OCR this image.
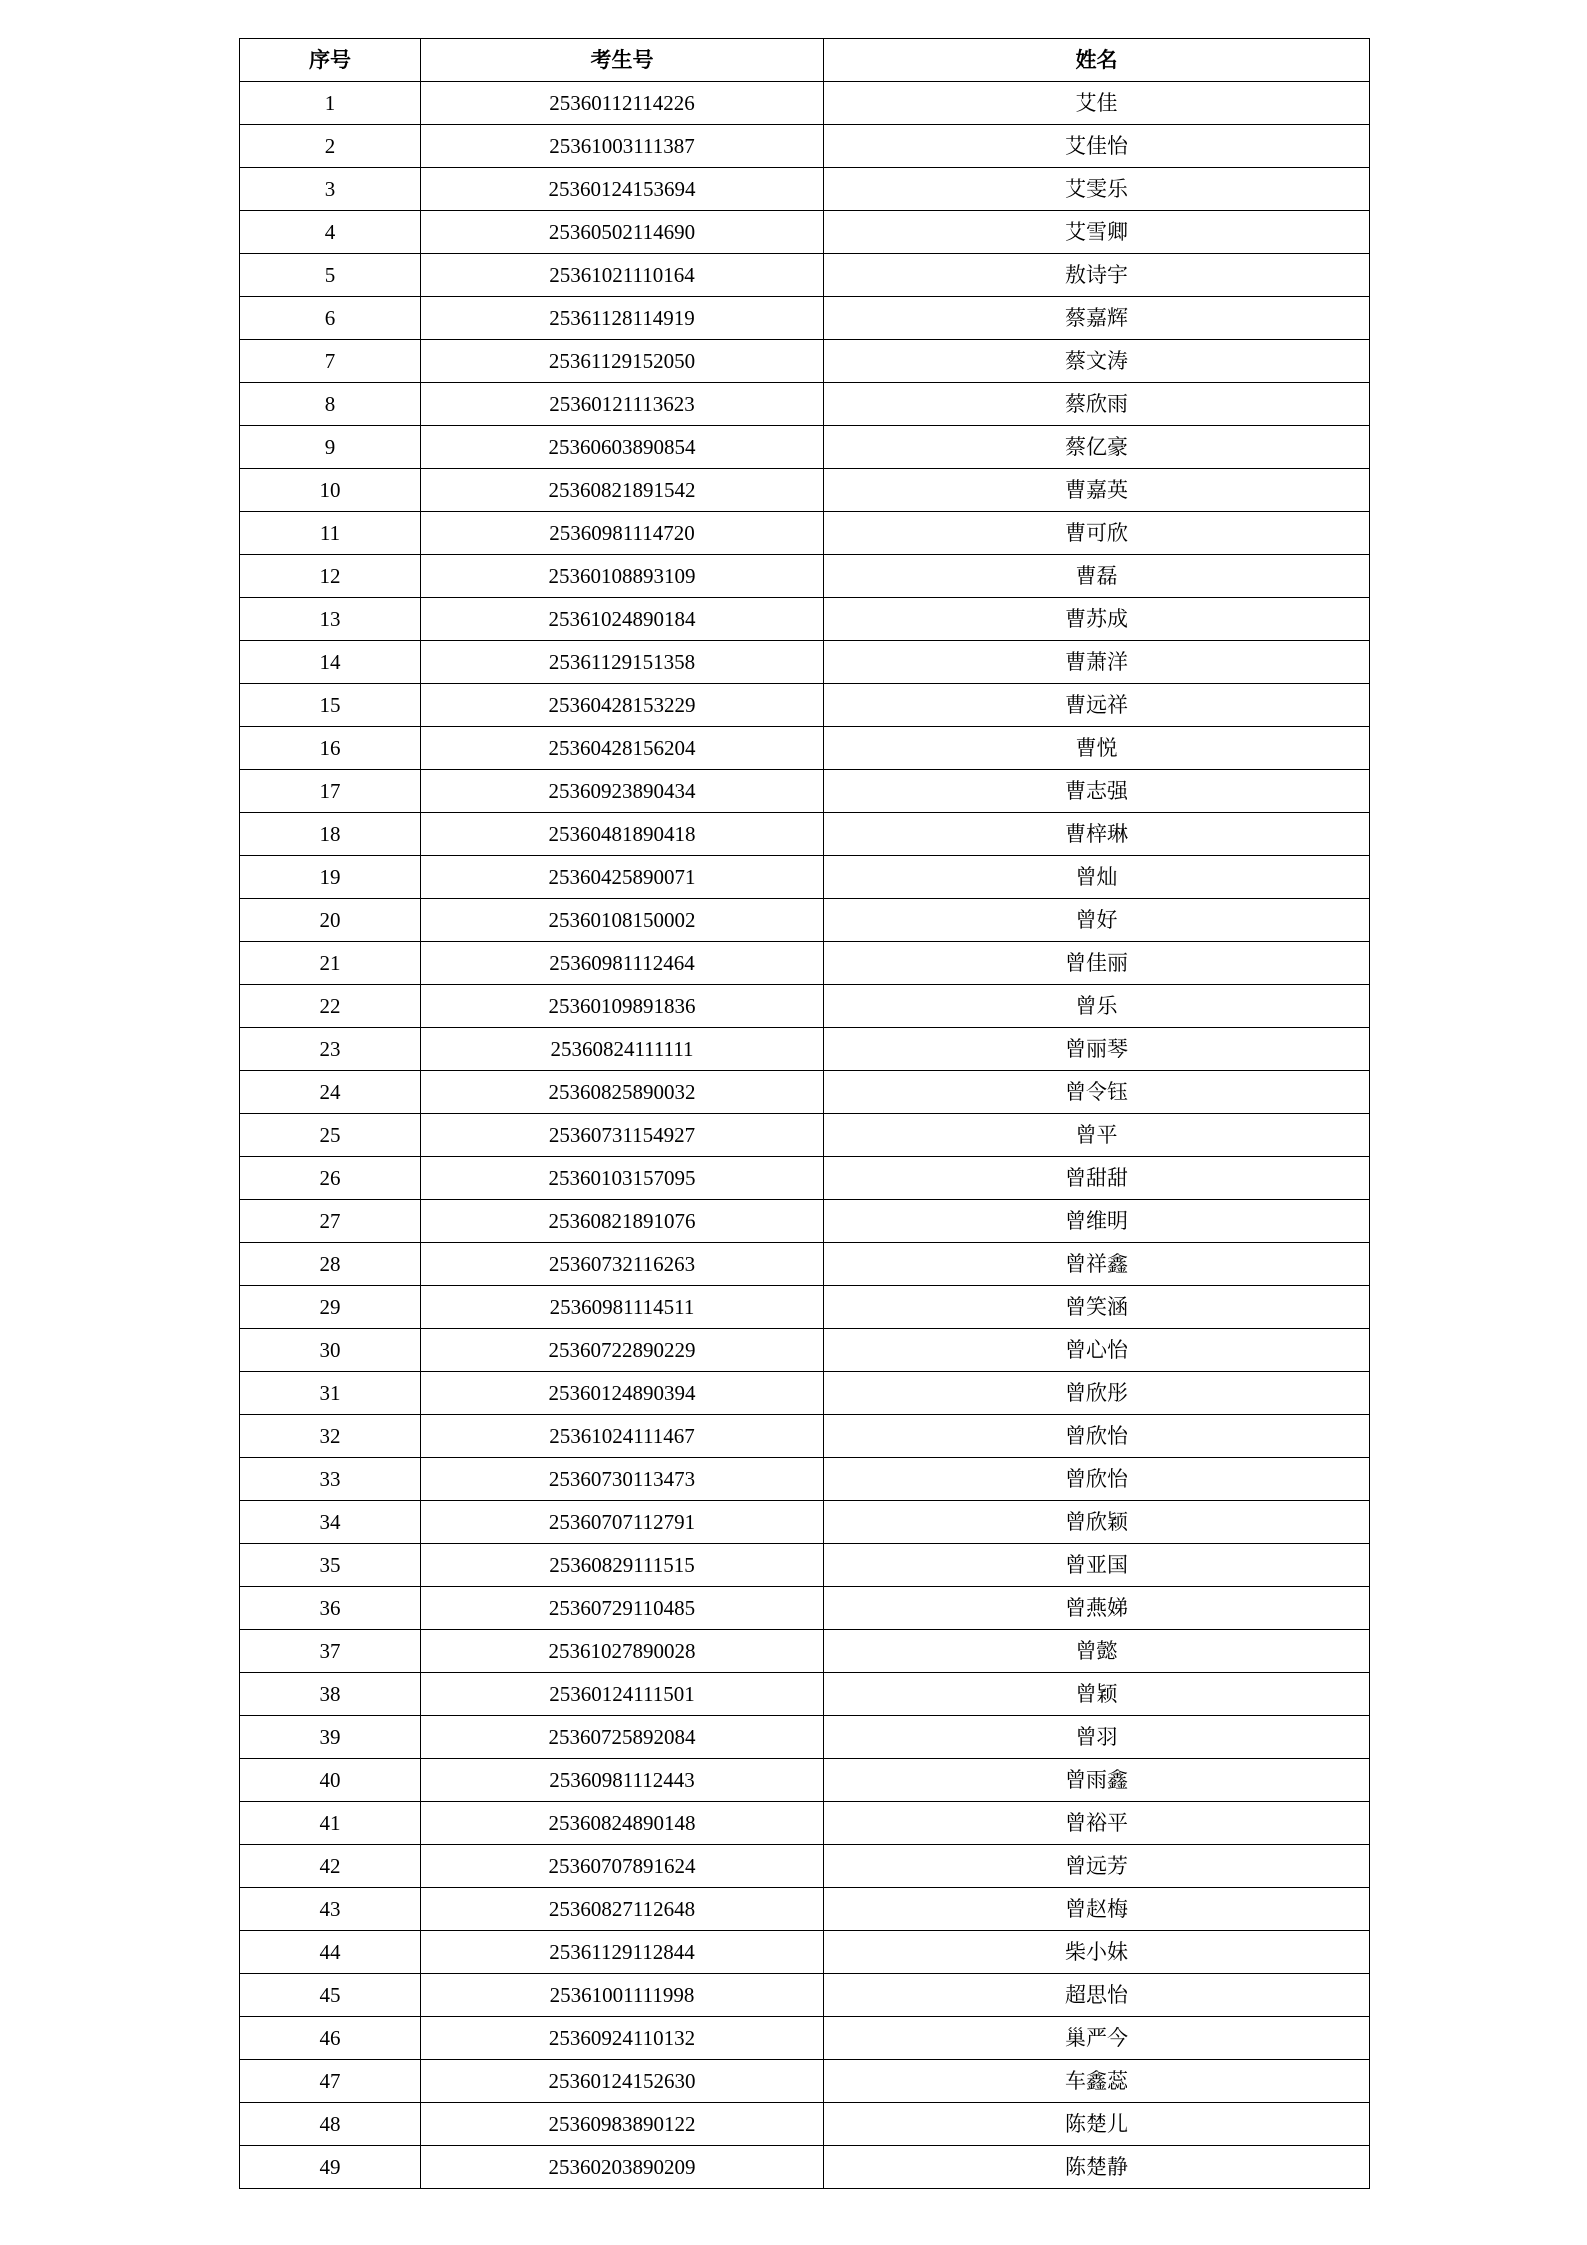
序号	考生号	姓名
1	25360112114226	艾佳
2	25361003111387	艾佳怡
3	25360124153694	艾雯乐
4	25360502114690	艾雪卿
5	25361021110164	敖诗宇
6	25361128114919	蔡嘉辉
7	25361129152050	蔡文涛
8	25360121113623	蔡欣雨
9	25360603890854	蔡亿豪
10	25360821891542	曹嘉英
11	25360981114720	曹可欣
12	25360108893109	曹磊
13	25361024890184	曹苏成
14	25361129151358	曹萧洋
15	25360428153229	曹远祥
16	25360428156204	曹悦
17	25360923890434	曹志强
18	25360481890418	曹梓琳
19	25360425890071	曾灿
20	25360108150002	曾好
21	25360981112464	曾佳丽
22	25360109891836	曾乐
23	25360824111111	曾丽琴
24	25360825890032	曾令钰
25	25360731154927	曾平
26	25360103157095	曾甜甜
27	25360821891076	曾维明
28	25360732116263	曾祥鑫
29	25360981114511	曾笑涵
30	25360722890229	曾心怡
31	25360124890394	曾欣彤
32	25361024111467	曾欣怡
33	25360730113473	曾欣怡
34	25360707112791	曾欣颖
35	25360829111515	曾亚国
36	25360729110485	曾燕娣
37	25361027890028	曾懿
38	25360124111501	曾颖
39	25360725892084	曾羽
40	25360981112443	曾雨鑫
41	25360824890148	曾裕平
42	25360707891624	曾远芳
43	25360827112648	曾赵梅
44	25361129112844	柴小妹
45	25361001111998	超思怡
46	25360924110132	巢严今
47	25360124152630	车鑫蕊
48	25360983890122	陈楚儿
49	25360203890209	陈楚静
